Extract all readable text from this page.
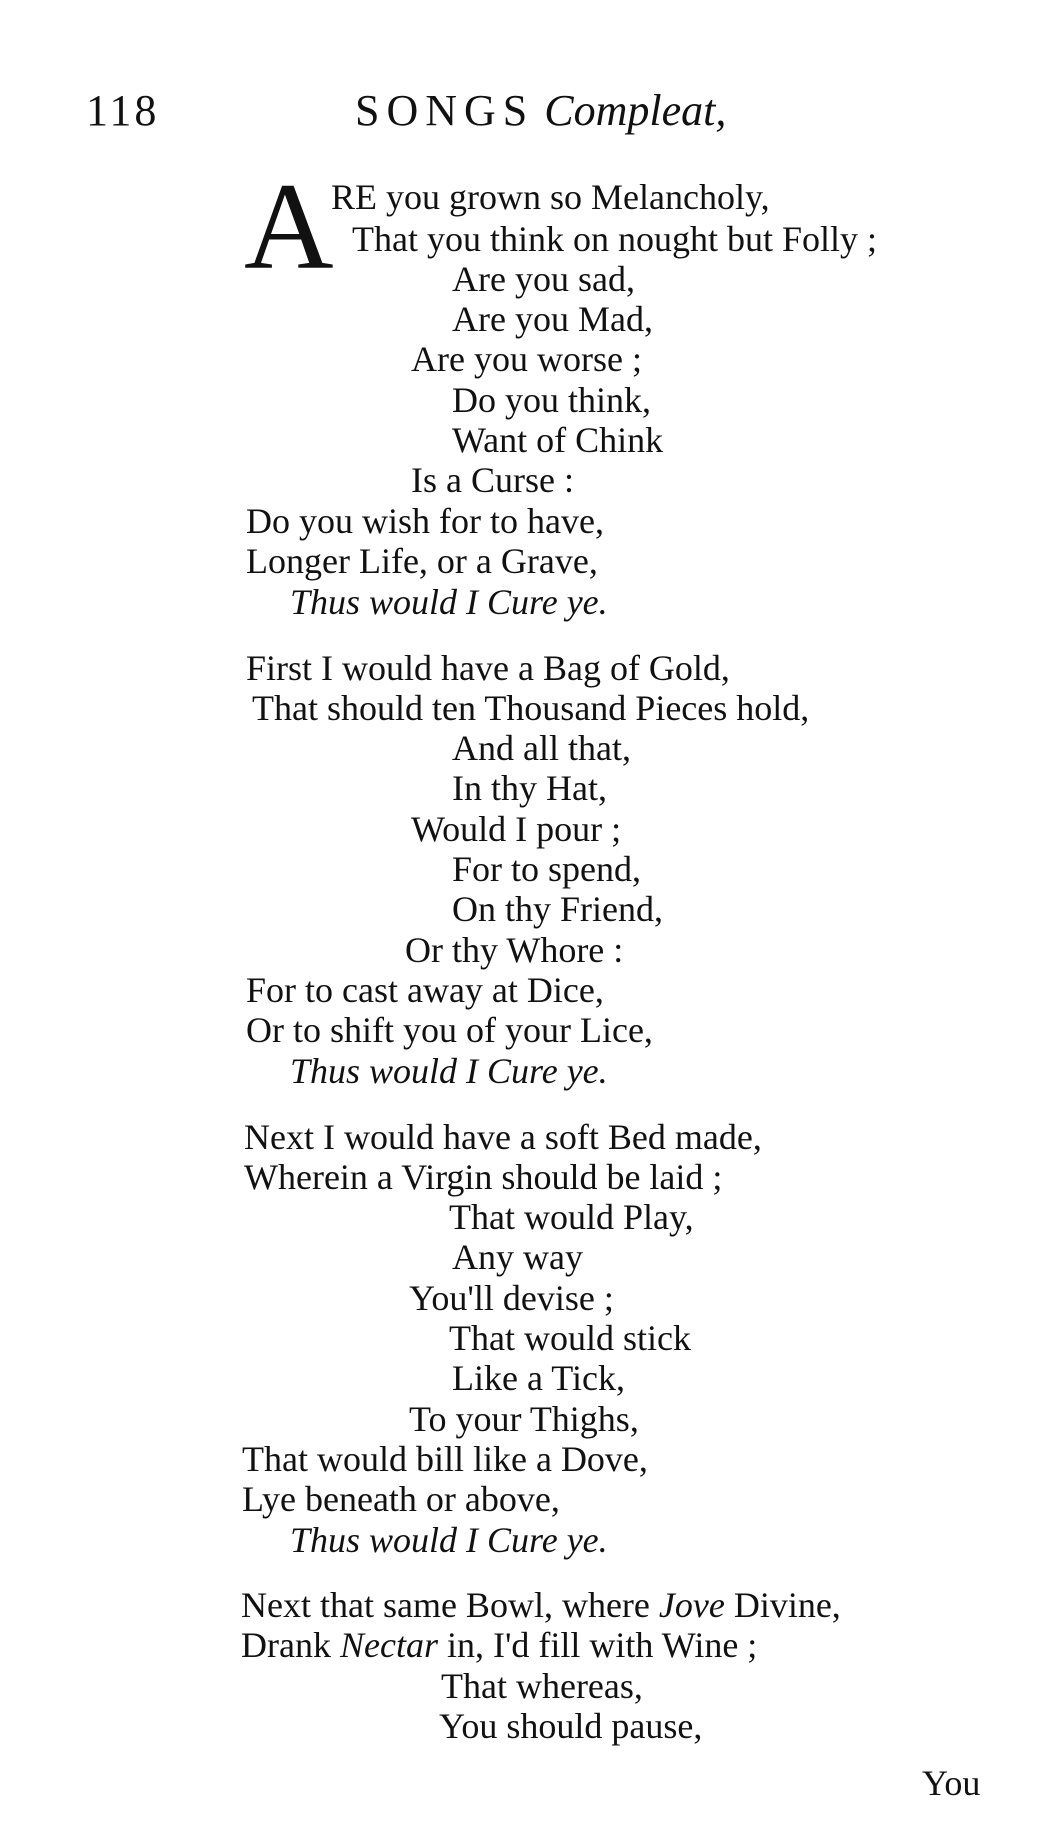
118	SONGS Compleat,
A
RE you grown so Melancholy,
That you think on nought but Folly ;
Are you sad,
Are you Mad,
Are you worse ;
Do you think,
Want of Chink
Is a Curse :
Do you wish for to have,
Longer Life, or a Grave,
Thus would I Cure ye.
First I would have a Bag of Gold,
That should ten Thousand Pieces hold,
And all that,
In thy Hat,
Would I pour ;
For to spend,
On thy Friend,
Or thy Whore :
For to cast away at Dice,
Or to shift you of your Lice,
Thus would I Cure ye.
Next I would have a soft Bed made,
Wherein a Virgin should be laid ;
That would Play,
Any way
You'll devise ;
That would stick
Like a Tick,
To your Thighs,
That would bill like a Dove,
Lye beneath or above,
Thus would I Cure ye.
Next that same Bowl, where Jove Divine,
Drank Nectar in, I'd fill with Wine ;
That whereas,
You should pause,
You
